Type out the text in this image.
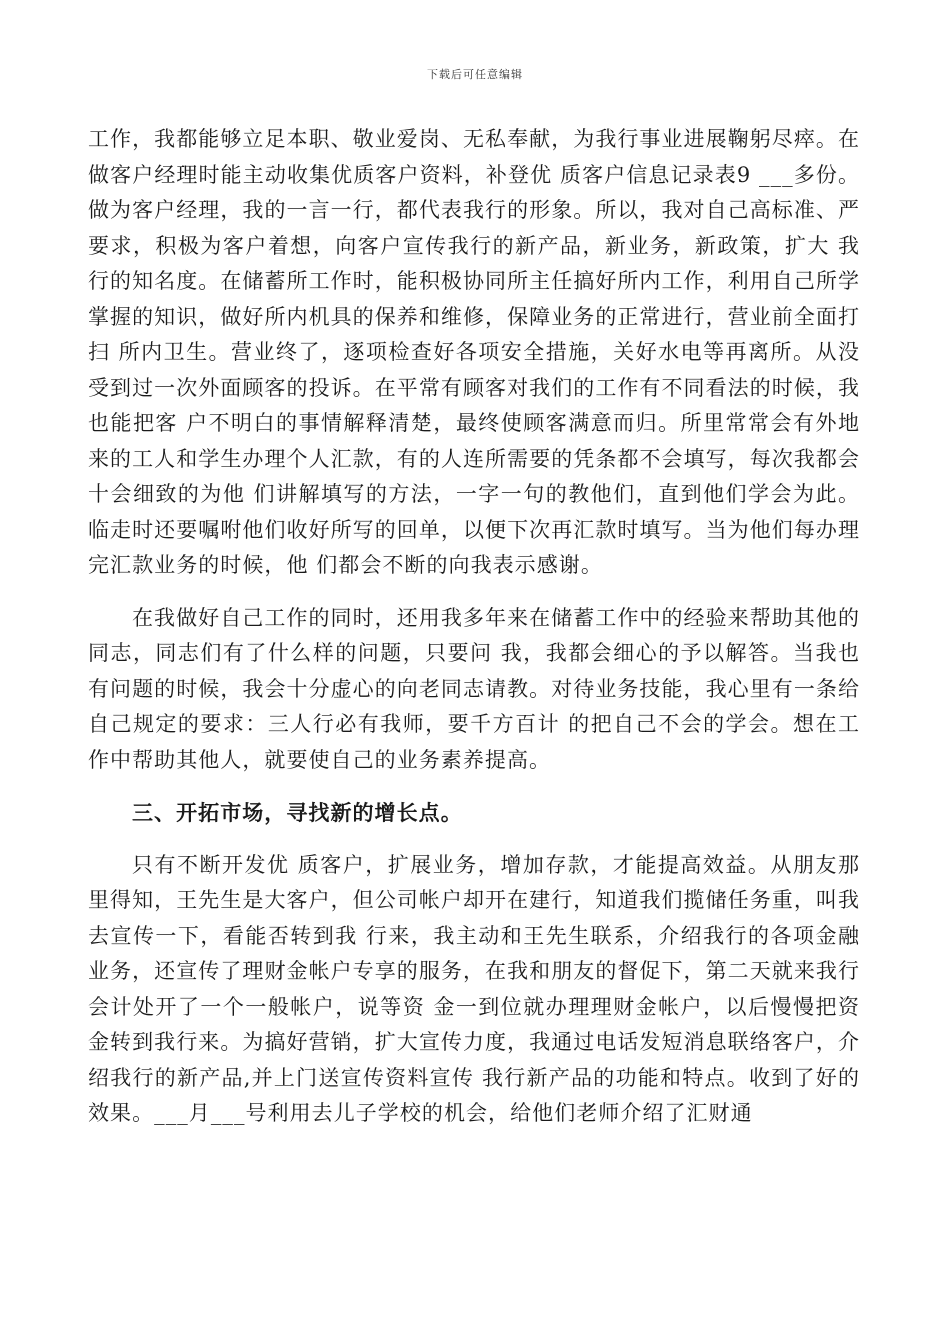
下载后可任意编辑

工作，我都能够立足本职、敬业爱岗、无私奉献，为我行事业进展鞠躬尽瘁。在做客户经理时能主动收集优质客户资料，补登优 质客户信息记录表9 ___多份。做为客户经理，我的一言一行，都代表我行的形象。所以，我对自己高标准、严要求，积极为客户着想，向客户宣传我行的新产品，新业务，新政策，扩大 我行的知名度。在储蓄所工作时，能积极协同所主任搞好所内工作，利用自己所学掌握的知识，做好所内机具的保养和维修，保障业务的正常进行，营业前全面打扫 所内卫生。营业终了，逐项检查好各项安全措施，关好水电等再离所。从没受到过一次外面顾客的投诉。在平常有顾客对我们的工作有不同看法的时候，我也能把客 户不明白的事情解释清楚，最终使顾客满意而归。所里常常会有外地来的工人和学生办理个人汇款，有的人连所需要的凭条都不会填写，每次我都会十会细致的为他 们讲解填写的方法，一字一句的教他们，直到他们学会为此。临走时还要嘱咐他们收好所写的回单，以便下次再汇款时填写。当为他们每办理完汇款业务的时候，他 们都会不断的向我表示感谢。

在我做好自己工作的同时，还用我多年来在储蓄工作中的经验来帮助其他的同志，同志们有了什么样的问题，只要问 我，我都会细心的予以解答。当我也有问题的时候，我会十分虚心的向老同志请教。对待业务技能，我心里有一条给自己规定的要求：三人行必有我师，要千方百计 的把自己不会的学会。想在工作中帮助其他人，就要使自己的业务素养提高。

三、开拓市场，寻找新的增长点。

只有不断开发优 质客户，扩展业务，增加存款，才能提高效益。从朋友那里得知，王先生是大客户，但公司帐户却开在建行，知道我们揽储任务重，叫我去宣传一下，看能否转到我 行来，我主动和王先生联系，介绍我行的各项金融业务，还宣传了理财金帐户专享的服务，在我和朋友的督促下，第二天就来我行会计处开了一个一般帐户，说等资 金一到位就办理理财金帐户，以后慢慢把资金转到我行来。为搞好营销，扩大宣传力度，我通过电话发短消息联络客户，介绍我行的新产品,并上门送宣传资料宣传 我行新产品的功能和特点。收到了好的效果。___月___号利用去儿子学校的机会，给他们老师介绍了汇财通
